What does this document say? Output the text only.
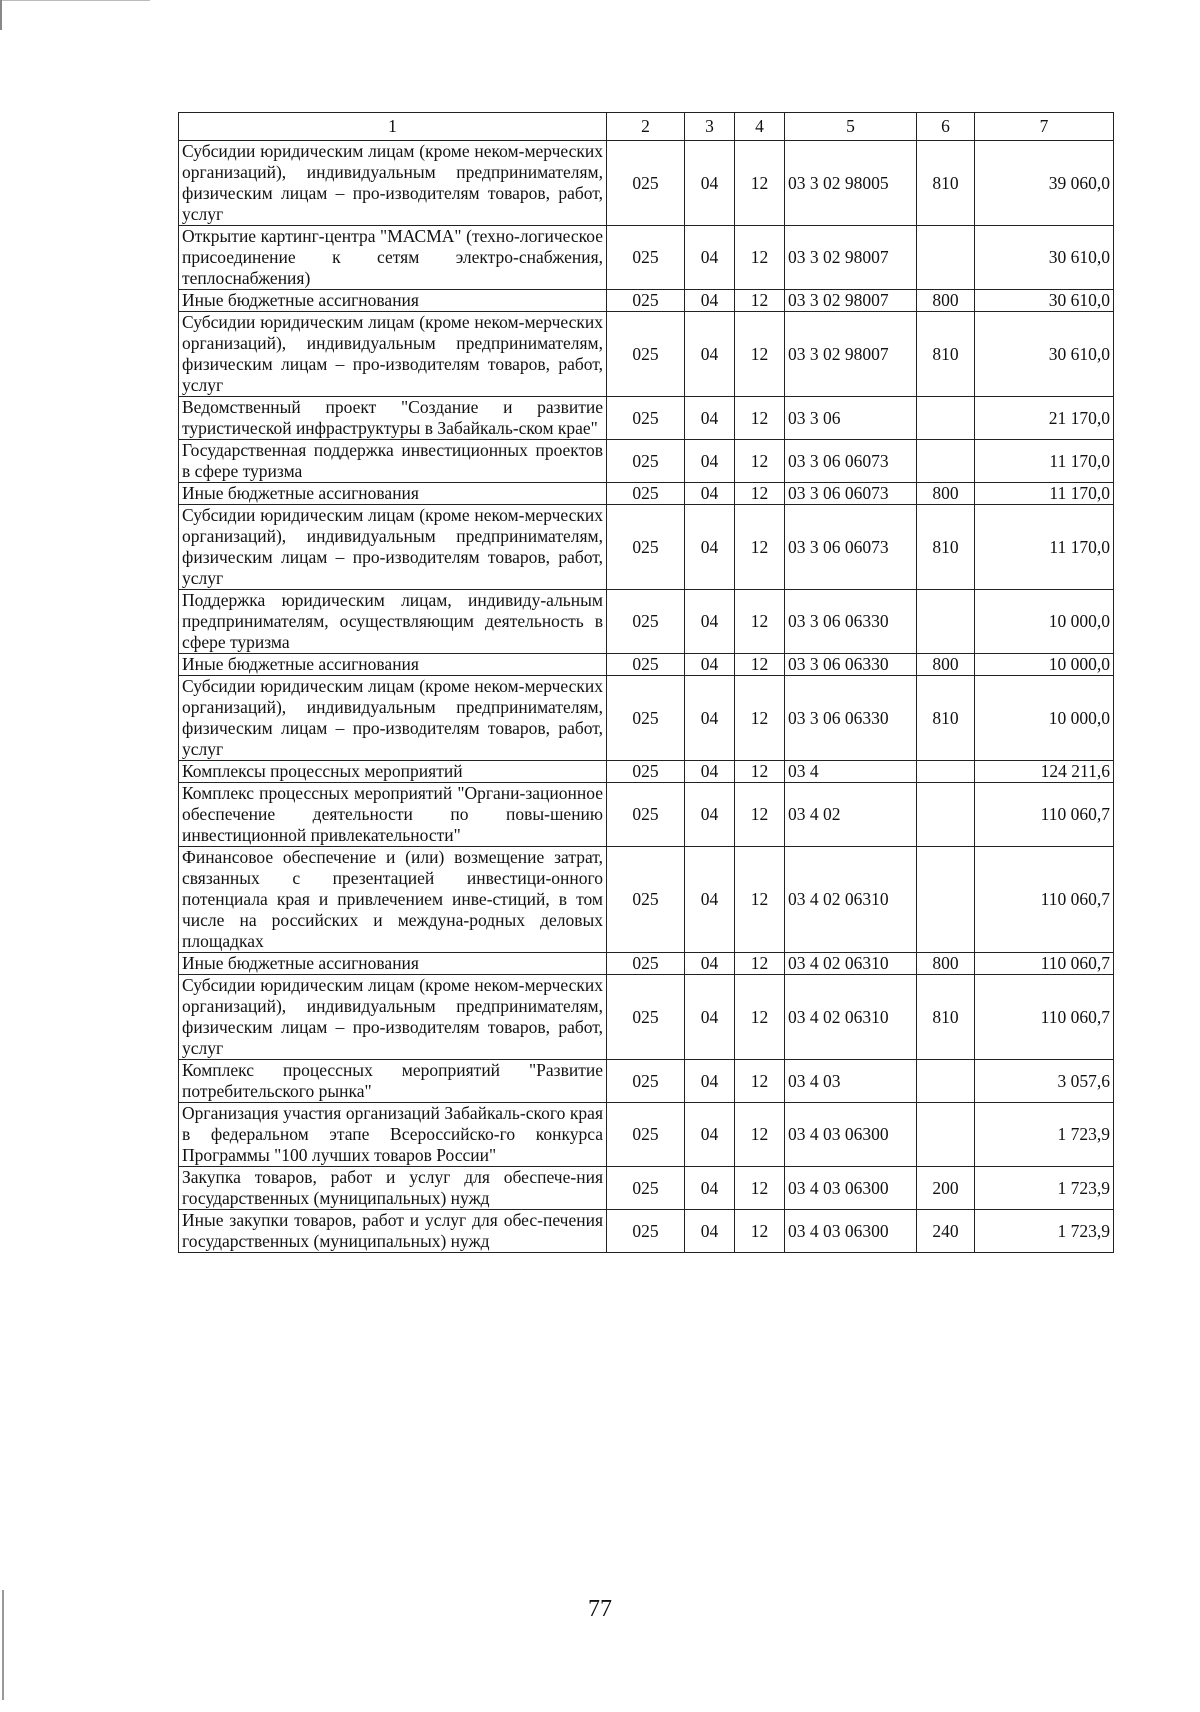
1	2	3	4	5	6	7
Субсидии юридическим лицам (кроме неком-мерческих организаций), индивидуальным предпринимателям, физическим лицам – про-изводителям товаров, работ, услуг	025	04	12	03 3 02 98005	810	39 060,0
Открытие картинг-центра "МАСМА" (техно-логическое присоединение к сетям электро-снабжения, теплоснабжения)	025	04	12	03 3 02 98007		30 610,0
Иные бюджетные ассигнования	025	04	12	03 3 02 98007	800	30 610,0
Субсидии юридическим лицам (кроме неком-мерческих организаций), индивидуальным предпринимателям, физическим лицам – про-изводителям товаров, работ, услуг	025	04	12	03 3 02 98007	810	30 610,0
Ведомственный проект "Создание и развитие туристической инфраструктуры в Забайкаль-ском крае"	025	04	12	03 3 06		21 170,0
Государственная поддержка инвестиционных проектов в сфере туризма	025	04	12	03 3 06 06073		11 170,0
Иные бюджетные ассигнования	025	04	12	03 3 06 06073	800	11 170,0
Субсидии юридическим лицам (кроме неком-мерческих организаций), индивидуальным предпринимателям, физическим лицам – про-изводителям товаров, работ, услуг	025	04	12	03 3 06 06073	810	11 170,0
Поддержка юридическим лицам, индивиду-альным предпринимателям, осуществляющим деятельность в сфере туризма	025	04	12	03 3 06 06330		10 000,0
Иные бюджетные ассигнования	025	04	12	03 3 06 06330	800	10 000,0
Субсидии юридическим лицам (кроме неком-мерческих организаций), индивидуальным предпринимателям, физическим лицам – про-изводителям товаров, работ, услуг	025	04	12	03 3 06 06330	810	10 000,0
Комплексы процессных мероприятий	025	04	12	03 4		124 211,6
Комплекс процессных мероприятий "Органи-зационное обеспечение деятельности по повы-шению инвестиционной привлекательности"	025	04	12	03 4 02		110 060,7
Финансовое обеспечение и (или) возмещение затрат, связанных с презентацией инвестици-онного потенциала края и привлечением инве-стиций, в том числе на российских и междуна-родных деловых площадках	025	04	12	03 4 02 06310		110 060,7
Иные бюджетные ассигнования	025	04	12	03 4 02 06310	800	110 060,7
Субсидии юридическим лицам (кроме неком-мерческих организаций), индивидуальным предпринимателям, физическим лицам – про-изводителям товаров, работ, услуг	025	04	12	03 4 02 06310	810	110 060,7
Комплекс процессных мероприятий "Развитие потребительского рынка"	025	04	12	03 4 03		3 057,6
Организация участия организаций Забайкаль-ского края в федеральном этапе Всероссийско-го конкурса Программы "100 лучших товаров России"	025	04	12	03 4 03 06300		1 723,9
Закупка товаров, работ и услуг для обеспече-ния государственных (муниципальных) нужд	025	04	12	03 4 03 06300	200	1 723,9
Иные закупки товаров, работ и услуг для обес-печения государственных (муниципальных) нужд	025	04	12	03 4 03 06300	240	1 723,9
77
